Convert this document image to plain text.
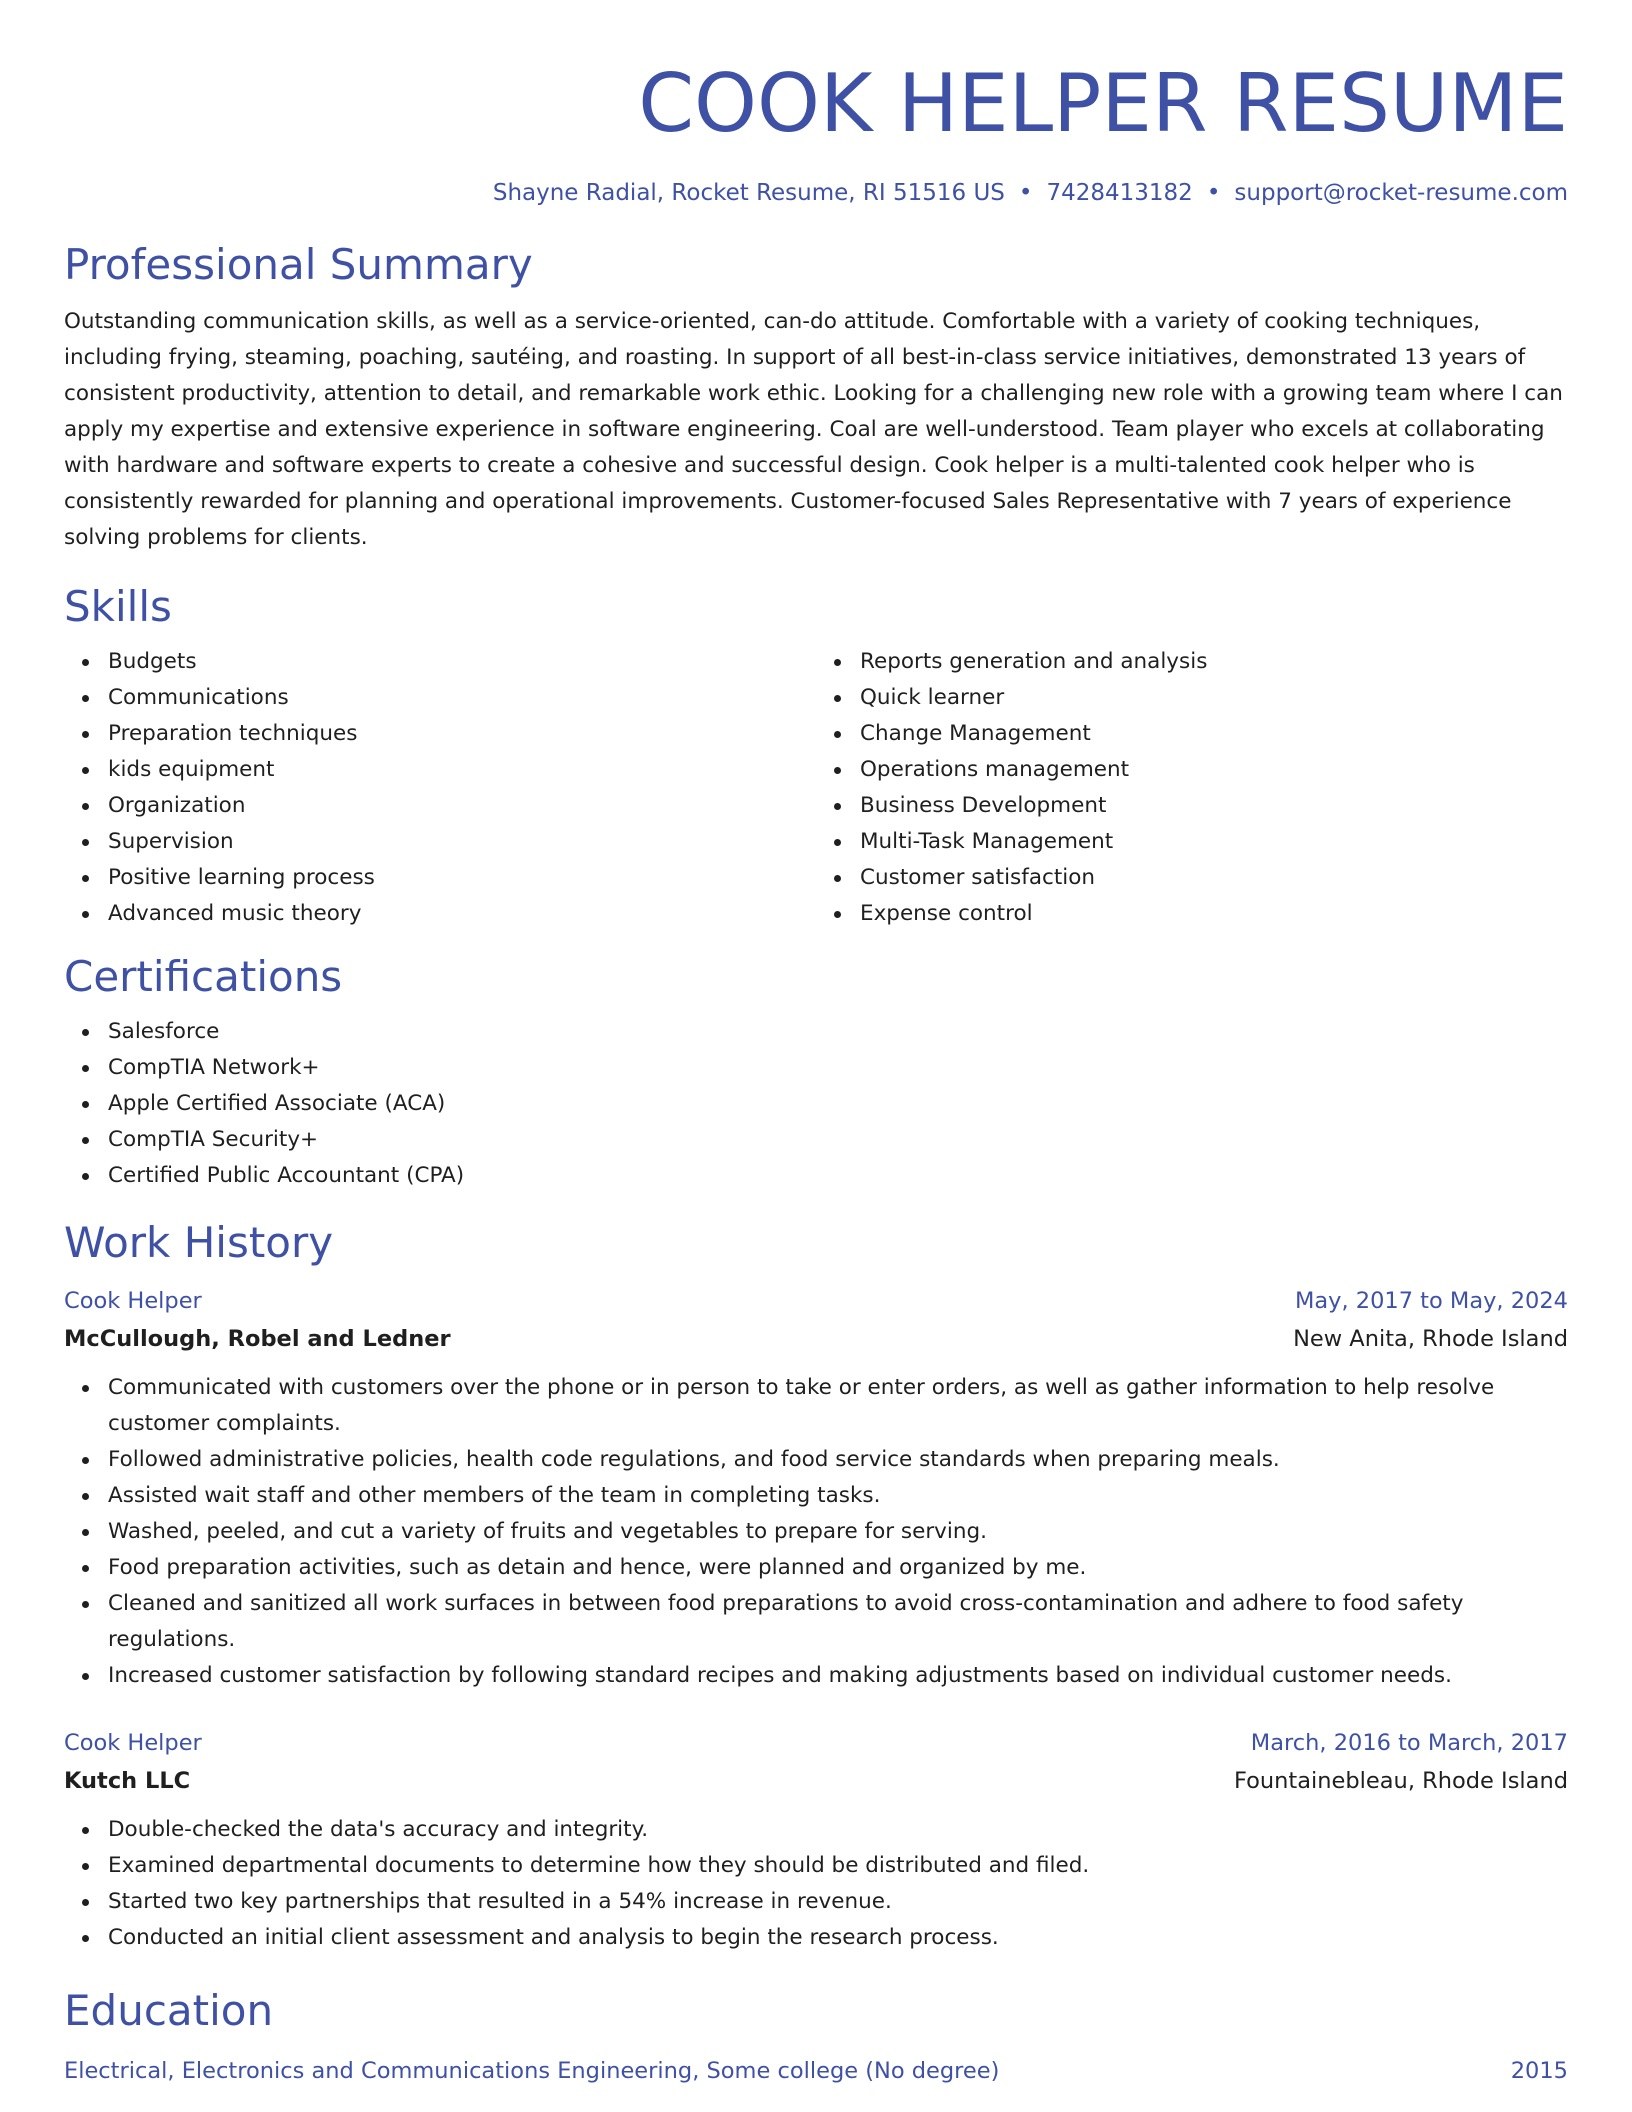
COOK HELPER RESUME
Shayne Radial, Rocket Resume, RI 51516 US • 7428413182 • support@rocket-resume.com
Professional Summary
Outstanding communication skills, as well as a service-oriented, can-do attitude. Comfortable with a variety of cooking techniques, including frying, steaming, poaching, sautéing, and roasting. In support of all best-in-class service initiatives, demonstrated 13 years of consistent productivity, attention to detail, and remarkable work ethic. Looking for a challenging new role with a growing team where I can apply my expertise and extensive experience in software engineering. Coal are well-understood. Team player who excels at collaborating with hardware and software experts to create a cohesive and successful design. Cook helper is a multi-talented cook helper who is consistently rewarded for planning and operational improvements. Customer-focused Sales Representative with 7 years of experience solving problems for clients.
Skills
Budgets
Communications
Preparation techniques
kids equipment
Organization
Supervision
Positive learning process
Advanced music theory
Reports generation and analysis
Quick learner
Change Management
Operations management
Business Development
Multi-Task Management
Customer satisfaction
Expense control
Certifications
Salesforce
CompTIA Network+
Apple Certified Associate (ACA)
CompTIA Security+
Certified Public Accountant (CPA)
Work History
Cook Helper	May, 2017 to May, 2024
McCullough, Robel and Ledner	New Anita, Rhode Island
Communicated with customers over the phone or in person to take or enter orders, as well as gather information to help resolve customer complaints.
Followed administrative policies, health code regulations, and food service standards when preparing meals.
Assisted wait staff and other members of the team in completing tasks.
Washed, peeled, and cut a variety of fruits and vegetables to prepare for serving.
Food preparation activities, such as detain and hence, were planned and organized by me.
Cleaned and sanitized all work surfaces in between food preparations to avoid cross-contamination and adhere to food safety regulations.
Increased customer satisfaction by following standard recipes and making adjustments based on individual customer needs.
Cook Helper	March, 2016 to March, 2017
Kutch LLC	Fountainebleau, Rhode Island
Double-checked the data's accuracy and integrity.
Examined departmental documents to determine how they should be distributed and filed.
Started two key partnerships that resulted in a 54% increase in revenue.
Conducted an initial client assessment and analysis to begin the research process.
Education
Electrical, Electronics and Communications Engineering, Some college (No degree)	2015
